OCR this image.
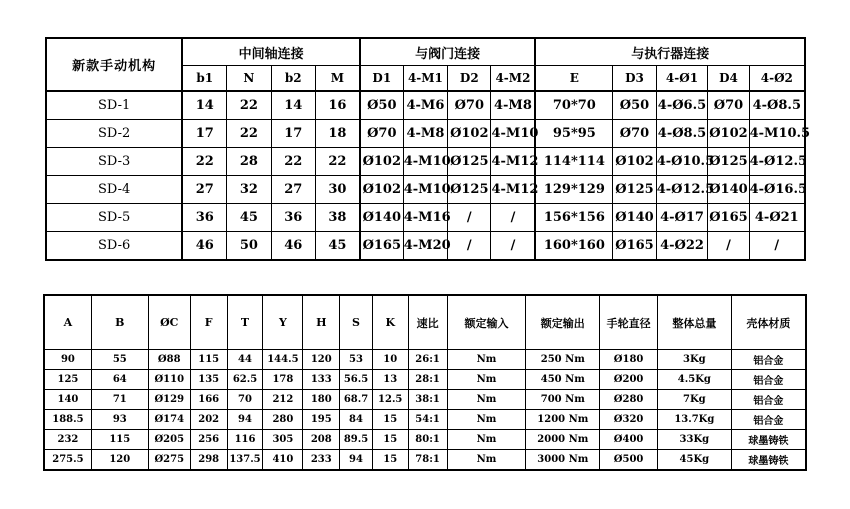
新款手动机构	中间轴连接				与阀门连接				与执行器连接				
	b1	N	b2	M	D1	4-M1	D2	4-M2	E	D3	4-Ø1	D4	4-Ø2
SD-1	14	22	14	16	Ø50	4-M6	Ø70	4-M8	70*70	Ø50	4-Ø6.5	Ø70	4-Ø8.5
SD-2	17	22	17	18	Ø70	4-M8	Ø102	4-M10	95*95	Ø70	4-Ø8.5	Ø102	4-M10.5
SD-3	22	28	22	22	Ø102	4-M10	Ø125	4-M12	114*114	Ø102	4-Ø10.5	Ø125	4-Ø12.5
SD-4	27	32	27	30	Ø102	4-M10	Ø125	4-M12	129*129	Ø125	4-Ø12.5	Ø140	4-Ø16.5
SD-5	36	45	36	38	Ø140	4-M16	/	/	156*156	Ø140	4-Ø17	Ø165	4-Ø21
SD-6	46	50	46	45	Ø165	4-M20	/	/	160*160	Ø165	4-Ø22	/	/
A	B	ØC	F	T	Y	H	S	K	速比	额定输入	额定输出	手轮直径	整体总量	壳体材质
90	55	Ø88	115	44	144.5	120	53	10	26:1	Nm	250 Nm	Ø180	3Kg	铝合金
125	64	Ø110	135	62.5	178	133	56.5	13	28:1	Nm	450 Nm	Ø200	4.5Kg	铝合金
140	71	Ø129	166	70	212	180	68.7	12.5	38:1	Nm	700 Nm	Ø280	7Kg	铝合金
188.5	93	Ø174	202	94	280	195	84	15	54:1	Nm	1200 Nm	Ø320	13.7Kg	铝合金
232	115	Ø205	256	116	305	208	89.5	15	80:1	Nm	2000 Nm	Ø400	33Kg	球墨铸铁
275.5	120	Ø275	298	137.5	410	233	94	15	78:1	Nm	3000 Nm	Ø500	45Kg	球墨铸铁
